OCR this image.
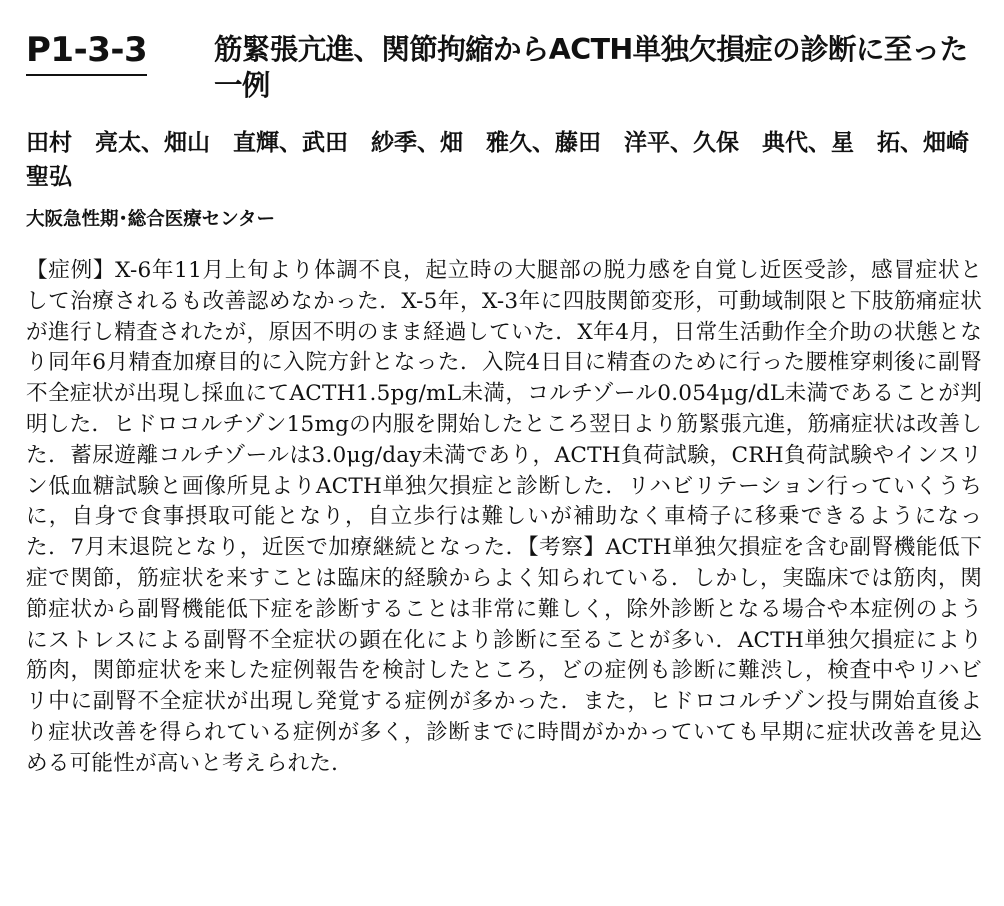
P1-3-3 筋緊張亢進、関節拘縮からACTH単独欠損症の診断に至った一例

田村　亮太、畑山　直輝、武田　紗季、畑　雅久、藤田　洋平、久保　典代、星　拓、畑崎　聖弘

大阪急性期･総合医療センター

【症例】X-6年11月上旬より体調不良，起立時の大腿部の脱力感を自覚し近医受診，感冒症状として治療されるも改善認めなかった．X-5年，X-3年に四肢関節変形，可動域制限と下肢筋痛症状が進行し精査されたが，原因不明のまま経過していた．X年4月，日常生活動作全介助の状態となり同年6月精査加療目的に入院方針となった．入院4日目に精査のために行った腰椎穿刺後に副腎不全症状が出現し採血にてACTH1.5pg/mL未満，コルチゾール0.054μg/dL未満であることが判明した．ヒドロコルチゾン15mgの内服を開始したところ翌日より筋緊張亢進，筋痛症状は改善した．蓄尿遊離コルチゾールは3.0μg/day未満であり，ACTH負荷試験，CRH負荷試験やインスリン低血糖試験と画像所見よりACTH単独欠損症と診断した．リハビリテーション行っていくうちに，自身で食事摂取可能となり，自立歩行は難しいが補助なく車椅子に移乗できるようになった．7月末退院となり，近医で加療継続となった．【考察】ACTH単独欠損症を含む副腎機能低下症で関節，筋症状を来すことは臨床的経験からよく知られている．しかし，実臨床では筋肉，関節症状から副腎機能低下症を診断することは非常に難しく，除外診断となる場合や本症例のようにストレスによる副腎不全症状の顕在化により診断に至ることが多い．ACTH単独欠損症により筋肉，関節症状を来した症例報告を検討したところ，どの症例も診断に難渋し，検査中やリハビリ中に副腎不全症状が出現し発覚する症例が多かった．また，ヒドロコルチゾン投与開始直後より症状改善を得られている症例が多く，診断までに時間がかかっていても早期に症状改善を見込める可能性が高いと考えられた．
